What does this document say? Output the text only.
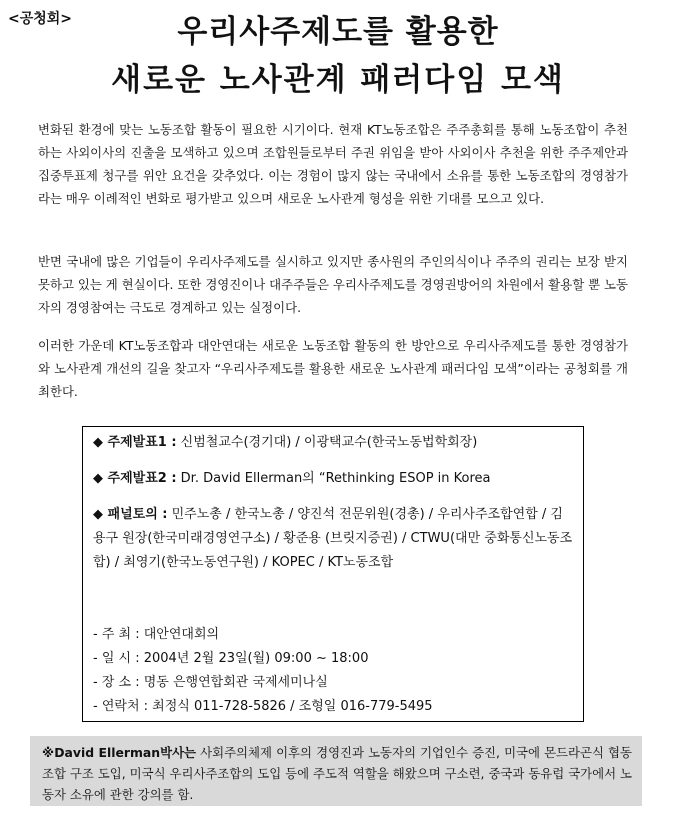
<공청회>	우리사주제도를 활용한
새로운 노사관계 패러다임 모색
변화된 환경에 맞는 노동조합 활동이 필요한 시기이다. 현재 KT노동조합은 주주총회를 통해 노동조합이 추천하는 사외이사의 진출을 모색하고 있으며 조합원들로부터 주권 위임을 받아 사외이사 추천을 위한 주주제안과 집중투표제 청구를 위안 요건을 갖추었다. 이는 경험이 많지 않는 국내에서 소유를 통한 노동조합의 경영참가라는 매우 이례적인 변화로 평가받고 있으며 새로운 노사관계 형성을 위한 기대를 모으고 있다.
반면 국내에 많은 기업들이 우리사주제도를 실시하고 있지만 종사원의 주인의식이나 주주의 권리는 보장 받지 못하고 있는 게 현실이다. 또한 경영진이나 대주주들은 우리사주제도를 경영권방어의 차원에서 활용할 뿐 노동자의 경영참여는 극도로 경계하고 있는 실정이다.
이러한 가운데 KT노동조합과 대안연대는 새로운 노동조합 활동의 한 방안으로 우리사주제도를 통한 경영참가와 노사관계 개선의 길을 찾고자 “우리사주제도를 활용한 새로운 노사관계 패러다임 모색”이라는 공청회를 개최한다.
◆ 주제발표1 : 신범철교수(경기대) / 이광택교수(한국노동법학회장)
◆ 주제발표2 : Dr. David Ellerman의 “Rethinking ESOP in Korea
◆ 패널토의 : 민주노총 / 한국노총 / 양진석 전문위원(경총) / 우리사주조합연합 / 김용구 원장(한국미래경영연구소) / 황준용 (브릿지증권) / CTWU(대만 중화통신노동조합) / 최영기(한국노동연구원) / KOPEC / KT노동조합
- 주 최 : 대안연대회의
- 일 시 : 2004년 2월 23일(월) 09:00 ~ 18:00
- 장 소 : 명동 은행연합회관 국제세미나실
- 연락처 : 최정식 011-728-5826 / 조형일 016-779-5495
※David Ellerman박사는 사회주의체제 이후의 경영진과 노동자의 기업인수 증진, 미국에 몬드라곤식 협동조합 구조 도입, 미국식 우리사주조합의 도입 등에 주도적 역할을 해왔으며 구소련, 중국과 동유럽 국가에서 노동자 소유에 관한 강의를 함.
